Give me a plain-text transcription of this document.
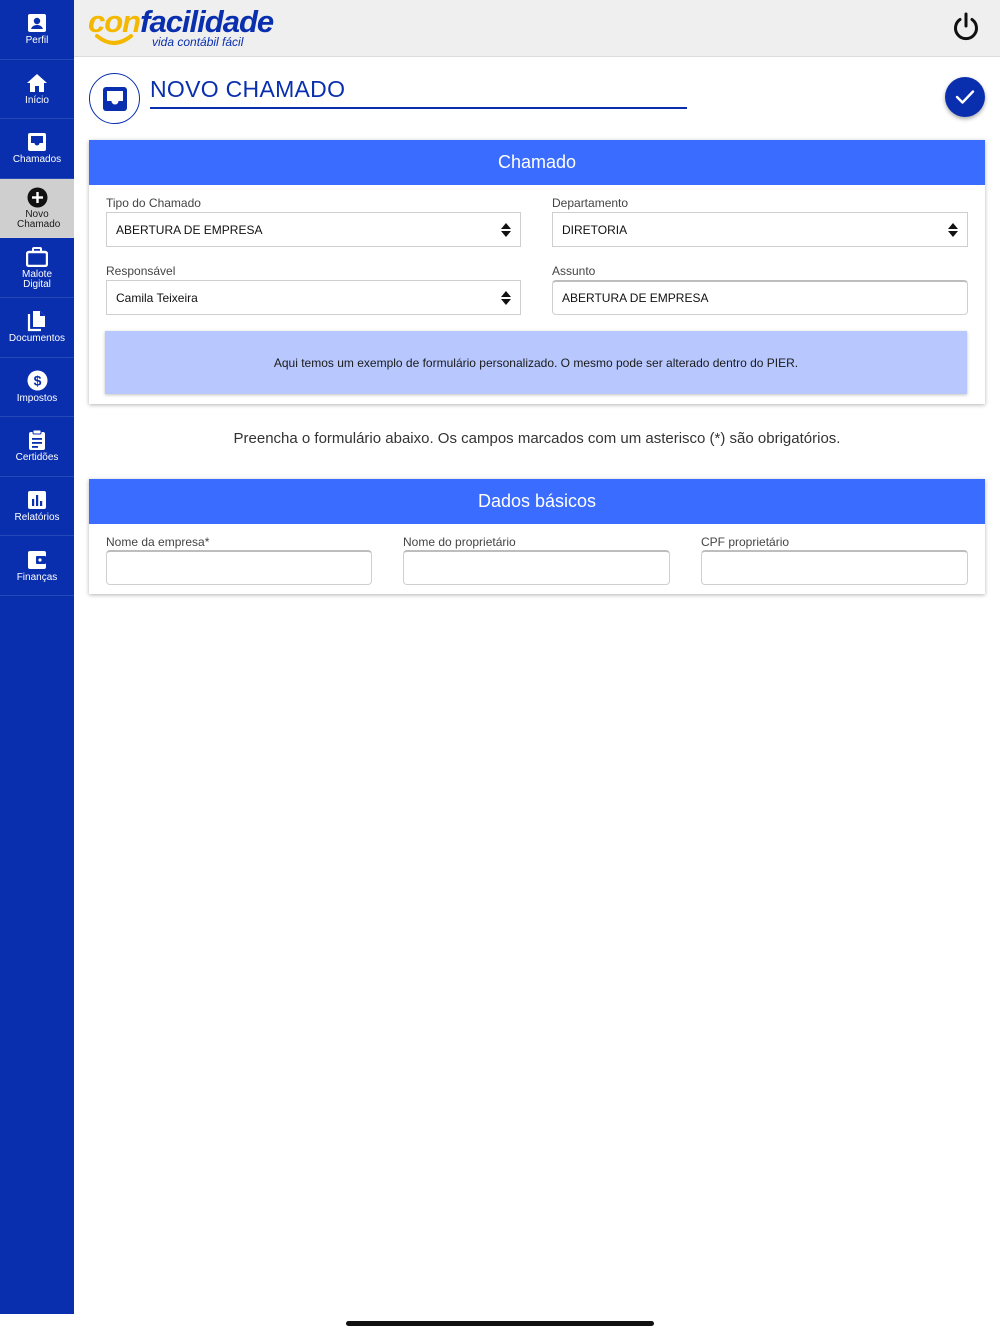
Perfil
Início
Chamados
Novo Chamado
Malote Digital
Documentos
$
Impostos
Certidões
Relatórios
Finanças
confacilidade
vida contábil fácil
NOVO CHAMADO
Chamado
Tipo do Chamado
ABERTURA DE EMPRESA
Departamento
DIRETORIA
Responsável
Camila Teixeira
Assunto
ABERTURA DE EMPRESA
Aqui temos um exemplo de formulário personalizado. O mesmo pode ser alterado dentro do PIER.
Preencha o formulário abaixo. Os campos marcados com um asterisco (*) são obrigatórios.
Dados básicos
Nome da empresa*	Nome do proprietário	CPF proprietário
